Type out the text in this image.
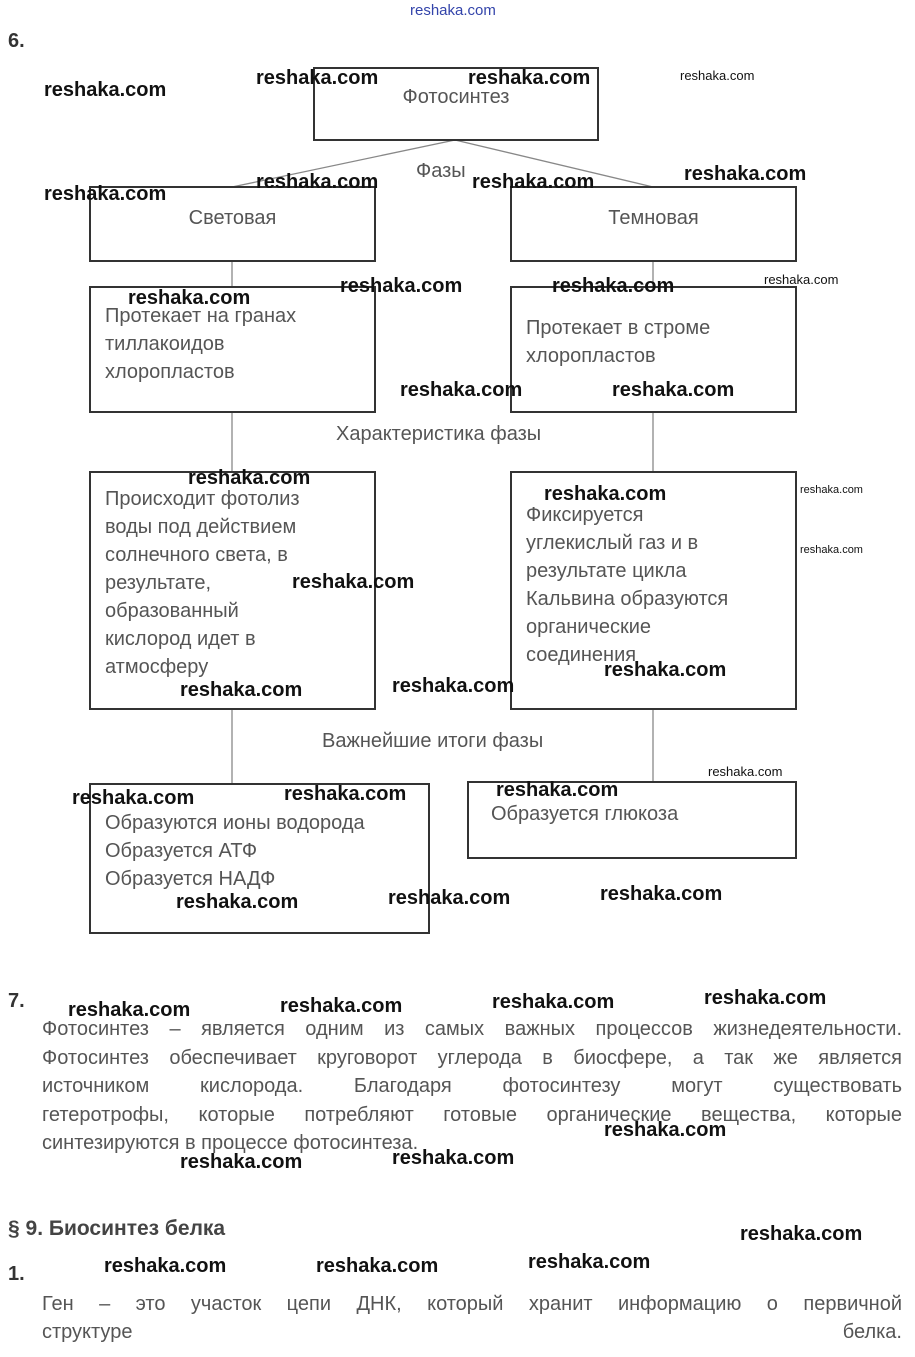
reshaka.com
6.
Фотосинтез
Фазы
Световая	Темновая
Протекает на гранах
тиллакоидов
хлоропластов
Протекает в строме
хлоропластов
Характеристика фазы
Происходит фотолиз
воды под действием
солнечного света, в
результате,
образованный
кислород идет в
атмосферу
Фиксируется
углекислый газ и в
результате цикла
Кальвина образуются
органические
соединения
Важнейшие итоги фазы
Образуются ионы водорода
Образуется АТФ
Образуется НАДФ
Образуется глюкоза
7.
Фотосинтез – является одним из самых важных процессов жизнедеятельности.
Фотосинтез обеспечивает круговорот углерода в биосфере, а так же является
источником кислорода. Благодаря фотосинтезу могут существовать
гетеротрофы, которые потребляют готовые органические вещества, которые
синтезируются в процессе фотосинтеза.
§ 9. Биосинтез белка
1.
Ген – это участок цепи ДНК, который хранит информацию о первичной
структуре белка.
reshaka.com
reshaka.com	reshaka.com	reshaka.com
reshaka.com
reshaka.com	reshaka.com	reshaka.com
reshaka.com
reshaka.com	reshaka.com	reshaka.com
reshaka.com	reshaka.com
reshaka.com
reshaka.com	reshaka.com
reshaka.com
reshaka.com
reshaka.com
reshaka.com	reshaka.com
reshaka.com
reshaka.com	reshaka.com	reshaka.com
reshaka.com	reshaka.com	reshaka.com
reshaka.com	reshaka.com	reshaka.com	reshaka.com
reshaka.com
reshaka.com	reshaka.com
reshaka.com
reshaka.com	reshaka.com	reshaka.com
